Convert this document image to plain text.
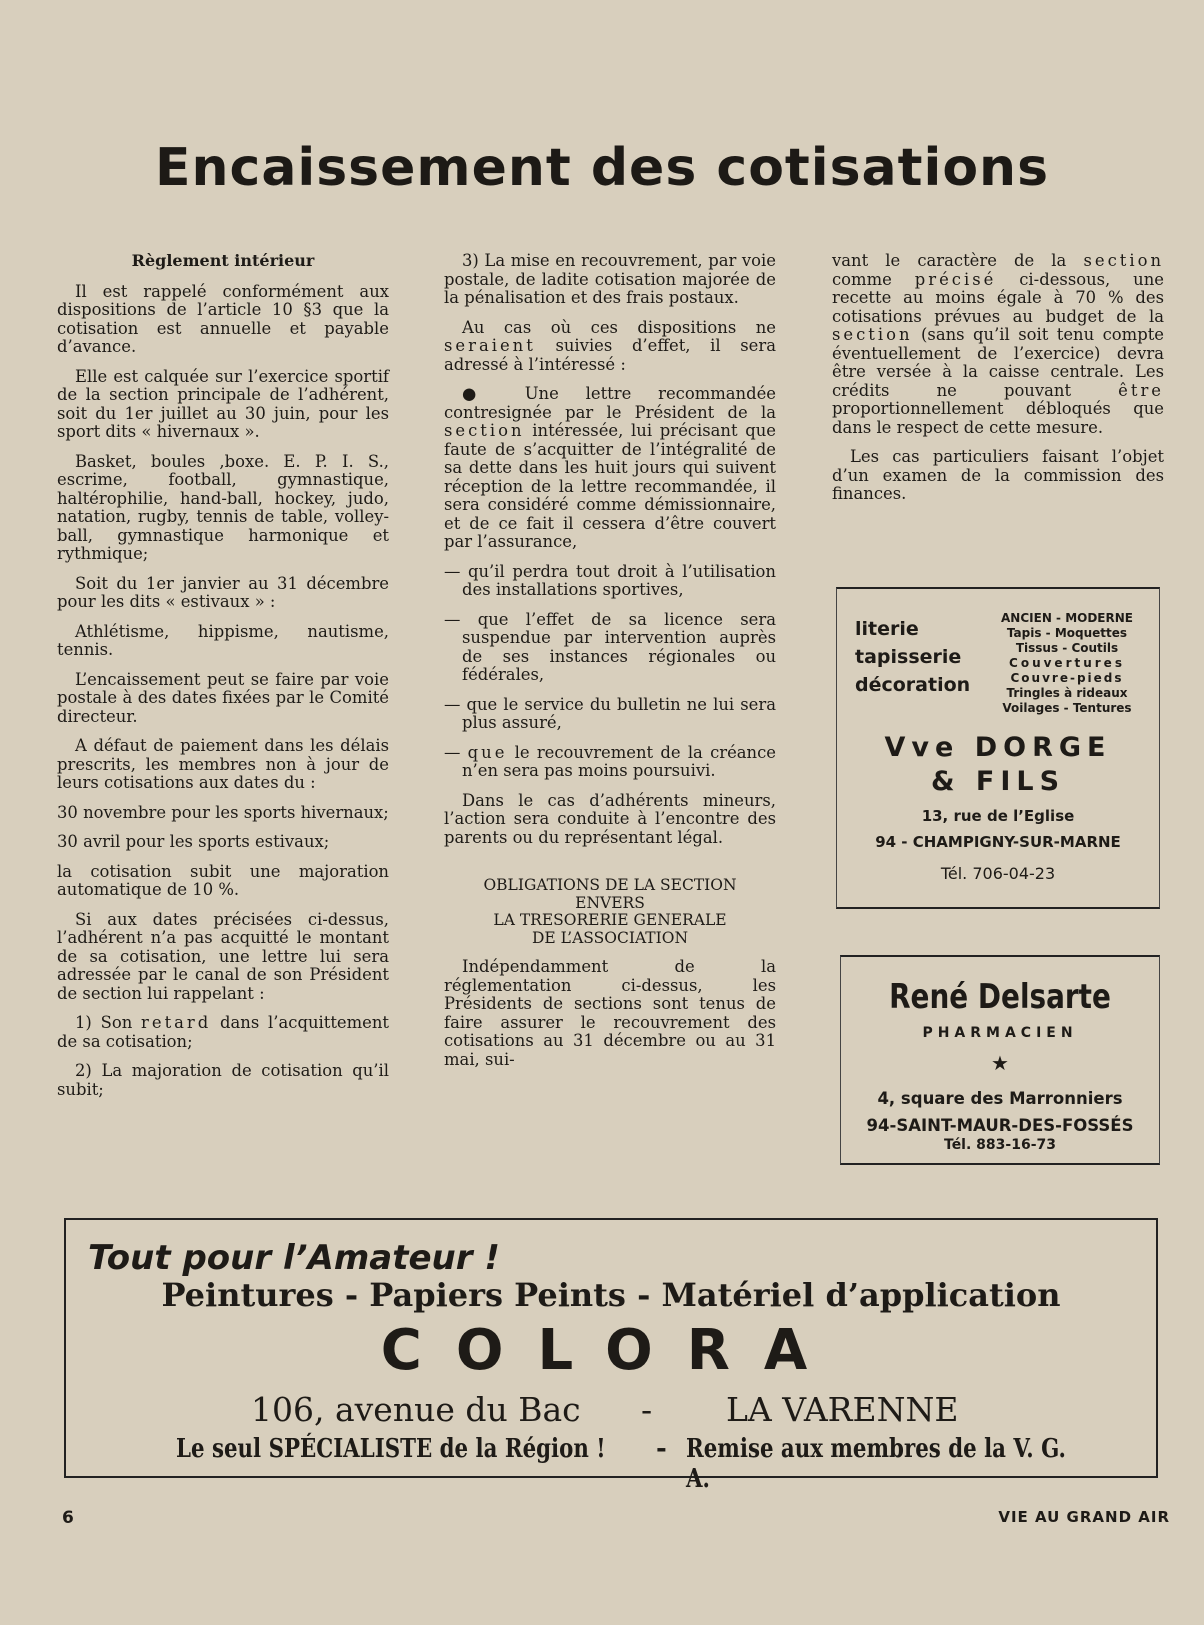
Encaissement des cotisations

Règlement intérieur

Il est rappelé conformément aux dispositions de l’article 10 §3 que la cotisation est annuelle et payable d’avance.

Elle est calquée sur l’exercice sportif de la section principale de l’adhérent, soit du 1er juillet au 30 juin, pour les sport dits « hivernaux ».

Basket, boules ,boxe. E. P. I. S., escrime, football, gymnastique, haltérophilie, hand-ball, hockey, judo, natation, rugby, tennis de table, volley-ball, gymnastique harmonique et rythmique;

Soit du 1er janvier au 31 décembre pour les dits « estivaux » :

Athlétisme, hippisme, nautisme, tennis.

L’encaissement peut se faire par voie postale à des dates fixées par le Comité directeur.

A défaut de paiement dans les délais prescrits, les membres non à jour de leurs cotisations aux dates du :

30 novembre pour les sports hivernaux;

30 avril pour les sports estivaux;

la cotisation subit une majoration automatique de 10 %.

Si aux dates précisées ci-dessus, l’adhérent n’a pas acquitté le montant de sa cotisation, une lettre lui sera adressée par le canal de son Président de section lui rappelant :

1) Son retard dans l’acquittement de sa cotisation;

2) La majoration de cotisation qu’il subit;

3) La mise en recouvrement, par voie postale, de ladite cotisation majorée de la pénalisation et des frais postaux.

Au cas où ces dispositions ne seraient suivies d’effet, il sera adressé à l’intéressé :

● Une lettre recommandée contresignée par le Président de la section intéressée, lui précisant que faute de s’acquitter de l’intégralité de sa dette dans les huit jours qui suivent réception de la lettre recommandée, il sera considéré comme démissionnaire, et de ce fait il cessera d’être couvert par l’assurance,

— qu’il perdra tout droit à l’utilisation des installations sportives,

— que l’effet de sa licence sera suspendue par intervention auprès de ses instances régionales ou fédérales,

— que le service du bulletin ne lui sera plus assuré,

— que le recouvrement de la créance n’en sera pas moins poursuivi.

Dans le cas d’adhérents mineurs, l’action sera conduite à l’encontre des parents ou du représentant légal.

OBLIGATIONS DE LA SECTION
ENVERS
LA TRESORERIE GENERALE
DE L’ASSOCIATION

Indépendamment de la réglementation ci-dessus, les Présidents de sections sont tenus de faire assurer le recouvrement des cotisations au 31 décembre ou au 31 mai, sui-

vant le caractère de la section comme précisé ci-dessous, une recette au moins égale à 70 % des cotisations prévues au budget de la section (sans qu’il soit tenu compte éventuellement de l’exercice) devra être versée à la caisse centrale. Les crédits ne pouvant	être proportionnellement débloqués que dans le respect de cette mesure.

Les cas particuliers faisant l’objet d’un examen de la commission des finances.

literie
tapisserie
décoration
ANCIEN - MODERNE
Tapis - Moquettes
Tissus - Coutils
Couvertures
Couvre-pieds
Tringles à rideaux
Voilages - Tentures
Vve DORGE
& FILS
13, rue de l’Eglise
94 - CHAMPIGNY-SUR-MARNE
Tél. 706-04-23
René Delsarte
PHARMACIEN
★
4, square des Marronniers
94-SAINT-MAUR-DES-FOSSÉS
Tél. 883-16-73
Tout pour l’Amateur !
Peintures - Papiers Peints - Matériel d’application
COLORA
106, avenue du Bac - LA VARENNE
Le seul SPÉCIALISTE de la Région ! - Remise aux membres de la V. G. A.
6	VIE AU GRAND AIR
